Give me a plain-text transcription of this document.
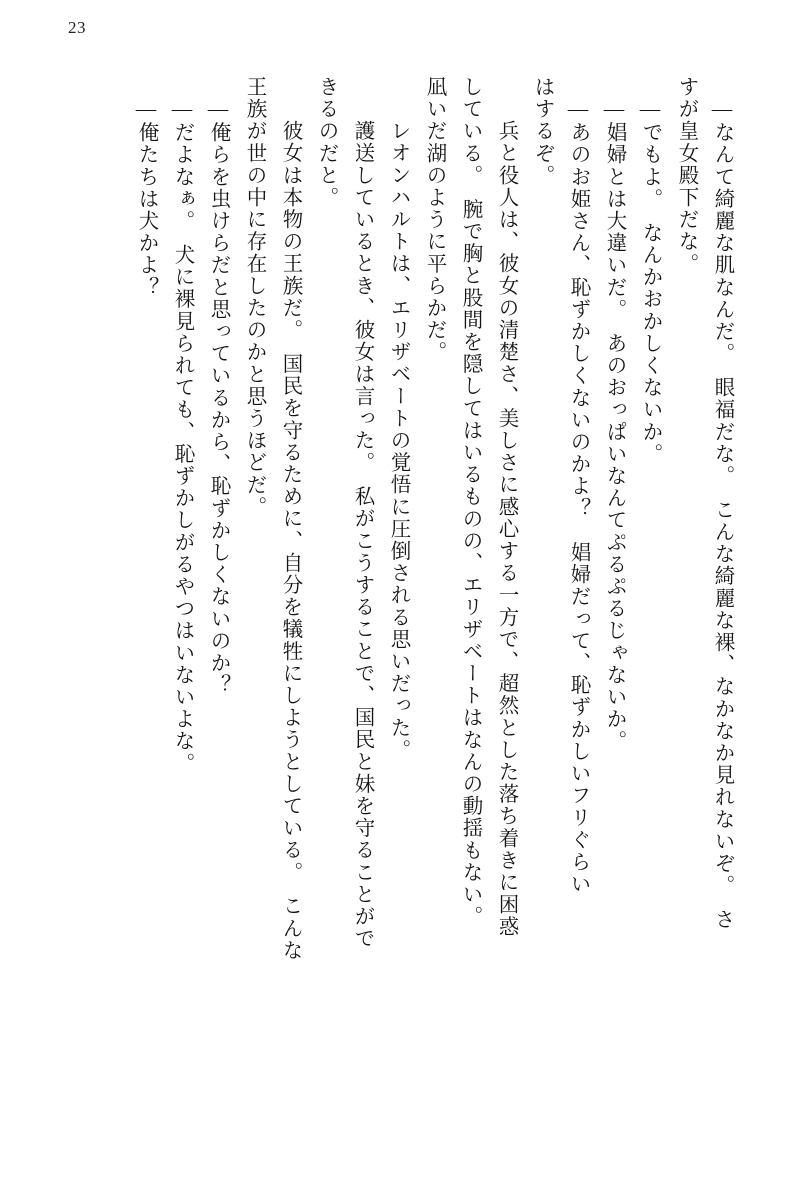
23
―なんて綺麗な肌なんだ。　眼福だな。　こんな綺麗な裸、なかなか見れないぞ。　さ
すが皇女殿下だな。
―でもよ。　なんかおかしくないか。
―娼婦とは大違いだ。　あのおっぱいなんてぷるぷるじゃないか。
―あのお姫さん、恥ずかしくないのかよ？　娼婦だって、恥ずかしいフリぐらい
はするぞ。
　兵と役人は、彼女の清楚さ、美しさに感心する一方で、超然とした落ち着きに困惑
している。　腕で胸と股間を隠してはいるものの、エリザベートはなんの動揺もない。
凪いだ湖のように平らかだ。
　レオンハルトは、エリザベートの覚悟に圧倒される思いだった。
　護送しているとき、彼女は言った。　私がこうすることで、国民と妹を守ることがで
きるのだと。
　彼女は本物の王族だ。　国民を守るために、自分を犠牲にしようとしている。　こんな
王族が世の中に存在したのかと思うほどだ。
―俺らを虫けらだと思っているから、恥ずかしくないのか？
―だよなぁ。　犬に裸見られても、恥ずかしがるやつはいないよな。
―俺たちは犬かよ？
